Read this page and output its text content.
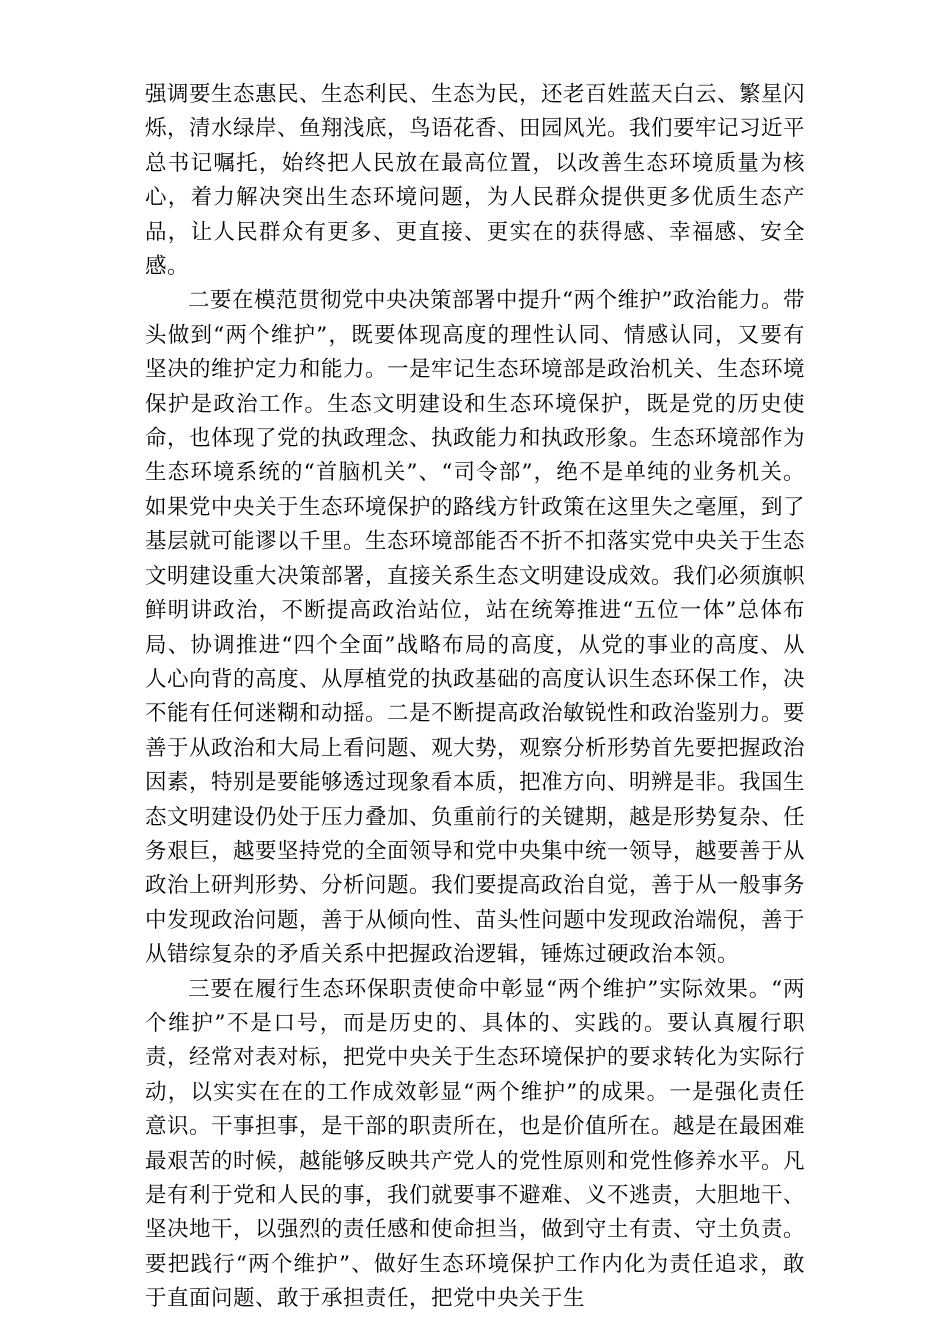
强调要生态惠民、生态利民、生态为民，还老百姓蓝天白云、繁星闪烁，清水绿岸、鱼翔浅底，鸟语花香、田园风光。我们要牢记习近平总书记嘱托，始终把人民放在最高位置，以改善生态环境质量为核心，着力解决突出生态环境问题，为人民群众提供更多优质生态产品，让人民群众有更多、更直接、更实在的获得感、幸福感、安全感。

二要在模范贯彻党中央决策部署中提升“两个维护”政治能力。带头做到“两个维护”，既要体现高度的理性认同、情感认同，又要有坚决的维护定力和能力。一是牢记生态环境部是政治机关、生态环境保护是政治工作。生态文明建设和生态环境保护，既是党的历史使命，也体现了党的执政理念、执政能力和执政形象。生态环境部作为生态环境系统的“首脑机关”、“司令部”，绝不是单纯的业务机关。如果党中央关于生态环境保护的路线方针政策在这里失之毫厘，到了基层就可能谬以千里。生态环境部能否不折不扣落实党中央关于生态文明建设重大决策部署，直接关系生态文明建设成效。我们必须旗帜鲜明讲政治，不断提高政治站位，站在统筹推进“五位一体”总体布局、协调推进“四个全面”战略布局的高度，从党的事业的高度、从人心向背的高度、从厚植党的执政基础的高度认识生态环保工作，决不能有任何迷糊和动摇。二是不断提高政治敏锐性和政治鉴别力。要善于从政治和大局上看问题、观大势，观察分析形势首先要把握政治因素，特别是要能够透过现象看本质，把准方向、明辨是非。我国生态文明建设仍处于压力叠加、负重前行的关键期，越是形势复杂、任务艰巨，越要坚持党的全面领导和党中央集中统一领导，越要善于从政治上研判形势、分析问题。我们要提高政治自觉，善于从一般事务中发现政治问题，善于从倾向性、苗头性问题中发现政治端倪，善于从错综复杂的矛盾关系中把握政治逻辑，锤炼过硬政治本领。

三要在履行生态环保职责使命中彰显“两个维护”实际效果。“两个维护”不是口号，而是历史的、具体的、实践的。要认真履行职责，经常对表对标，把党中央关于生态环境保护的要求转化为实际行动，以实实在在的工作成效彰显“两个维护”的成果。一是强化责任意识。干事担事，是干部的职责所在，也是价值所在。越是在最困难最艰苦的时候，越能够反映共产党人的党性原则和党性修养水平。凡是有利于党和人民的事，我们就要事不避难、义不逃责，大胆地干、坚决地干，以强烈的责任感和使命担当，做到守土有责、守土负责。要把践行“两个维护”、做好生态环境保护工作内化为责任追求，敢于直面问题、敢于承担责任，把党中央关于生
